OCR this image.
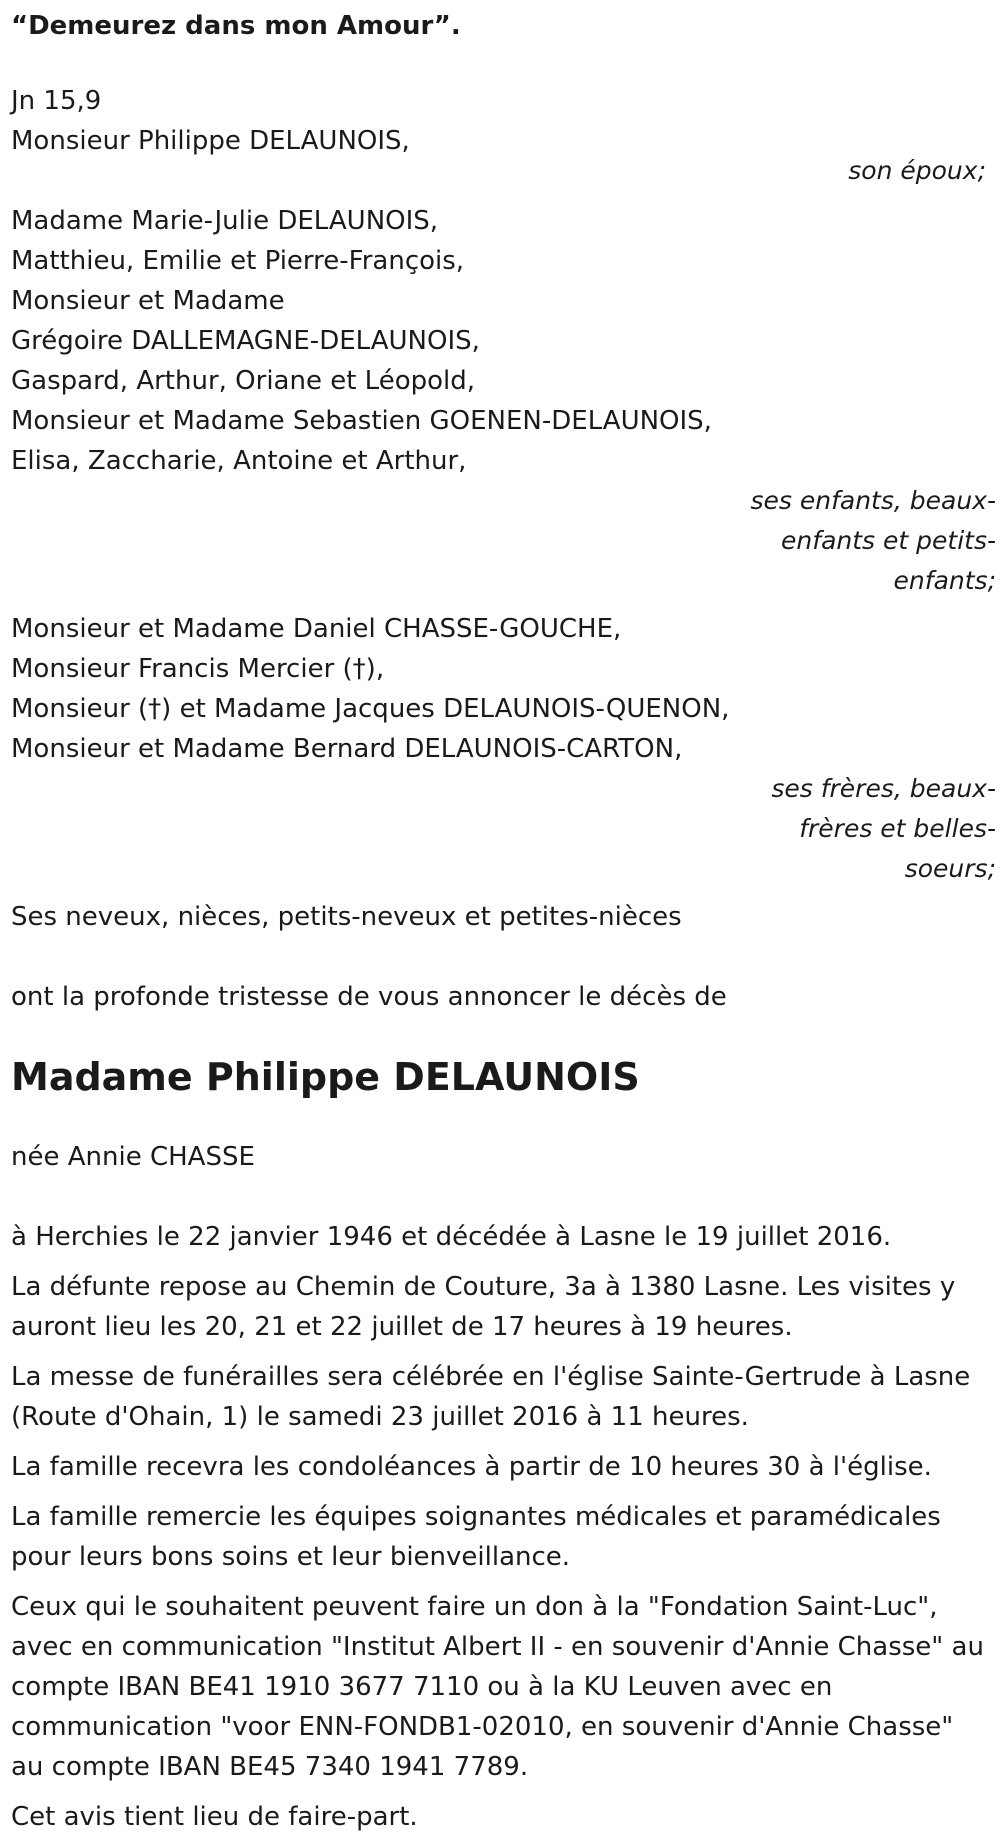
“Demeurez dans mon Amour”.
Jn 15,9
Monsieur Philippe DELAUNOIS,
son époux;
Madame Marie-Julie DELAUNOIS,
Matthieu, Emilie et Pierre-François,
Monsieur et Madame
Grégoire DALLEMAGNE-DELAUNOIS,
Gaspard, Arthur, Oriane et Léopold,
Monsieur et Madame Sebastien GOENEN-DELAUNOIS,
Elisa, Zaccharie, Antoine et Arthur,
ses enfants, beaux-enfants et petits-enfants;
Monsieur et Madame Daniel CHASSE-GOUCHE,
Monsieur Francis Mercier (†),
Monsieur (†) et Madame Jacques DELAUNOIS-QUENON,
Monsieur et Madame Bernard DELAUNOIS-CARTON,
ses frères, beaux-frères et belles-soeurs;
Ses neveux, nièces, petits-neveux et petites-nièces
ont la profonde tristesse de vous annoncer le décès de
Madame Philippe DELAUNOIS
née Annie CHASSE
à Herchies le 22 janvier 1946 et décédée à Lasne le 19 juillet 2016.
La défunte repose au Chemin de Couture, 3a à 1380 Lasne. Les visites y auront lieu les 20, 21 et 22 juillet de 17 heures à 19 heures.
La messe de funérailles sera célébrée en l'église Sainte-Gertrude à Lasne (Route d'Ohain, 1) le samedi 23 juillet 2016 à 11 heures.
La famille recevra les condoléances à partir de 10 heures 30 à l'église.
La famille remercie les équipes soignantes médicales et paramédicales pour leurs bons soins et leur bienveillance.
Ceux qui le souhaitent peuvent faire un don à la "Fondation Saint-Luc", avec en communication "Institut Albert II - en souvenir d'Annie Chasse" au compte IBAN BE41 1910 3677 7110 ou à la KU Leuven avec en communication "voor ENN-FONDB1-02010, en souvenir d'Annie Chasse" au compte IBAN BE45 7340 1941 7789.
Cet avis tient lieu de faire-part.
